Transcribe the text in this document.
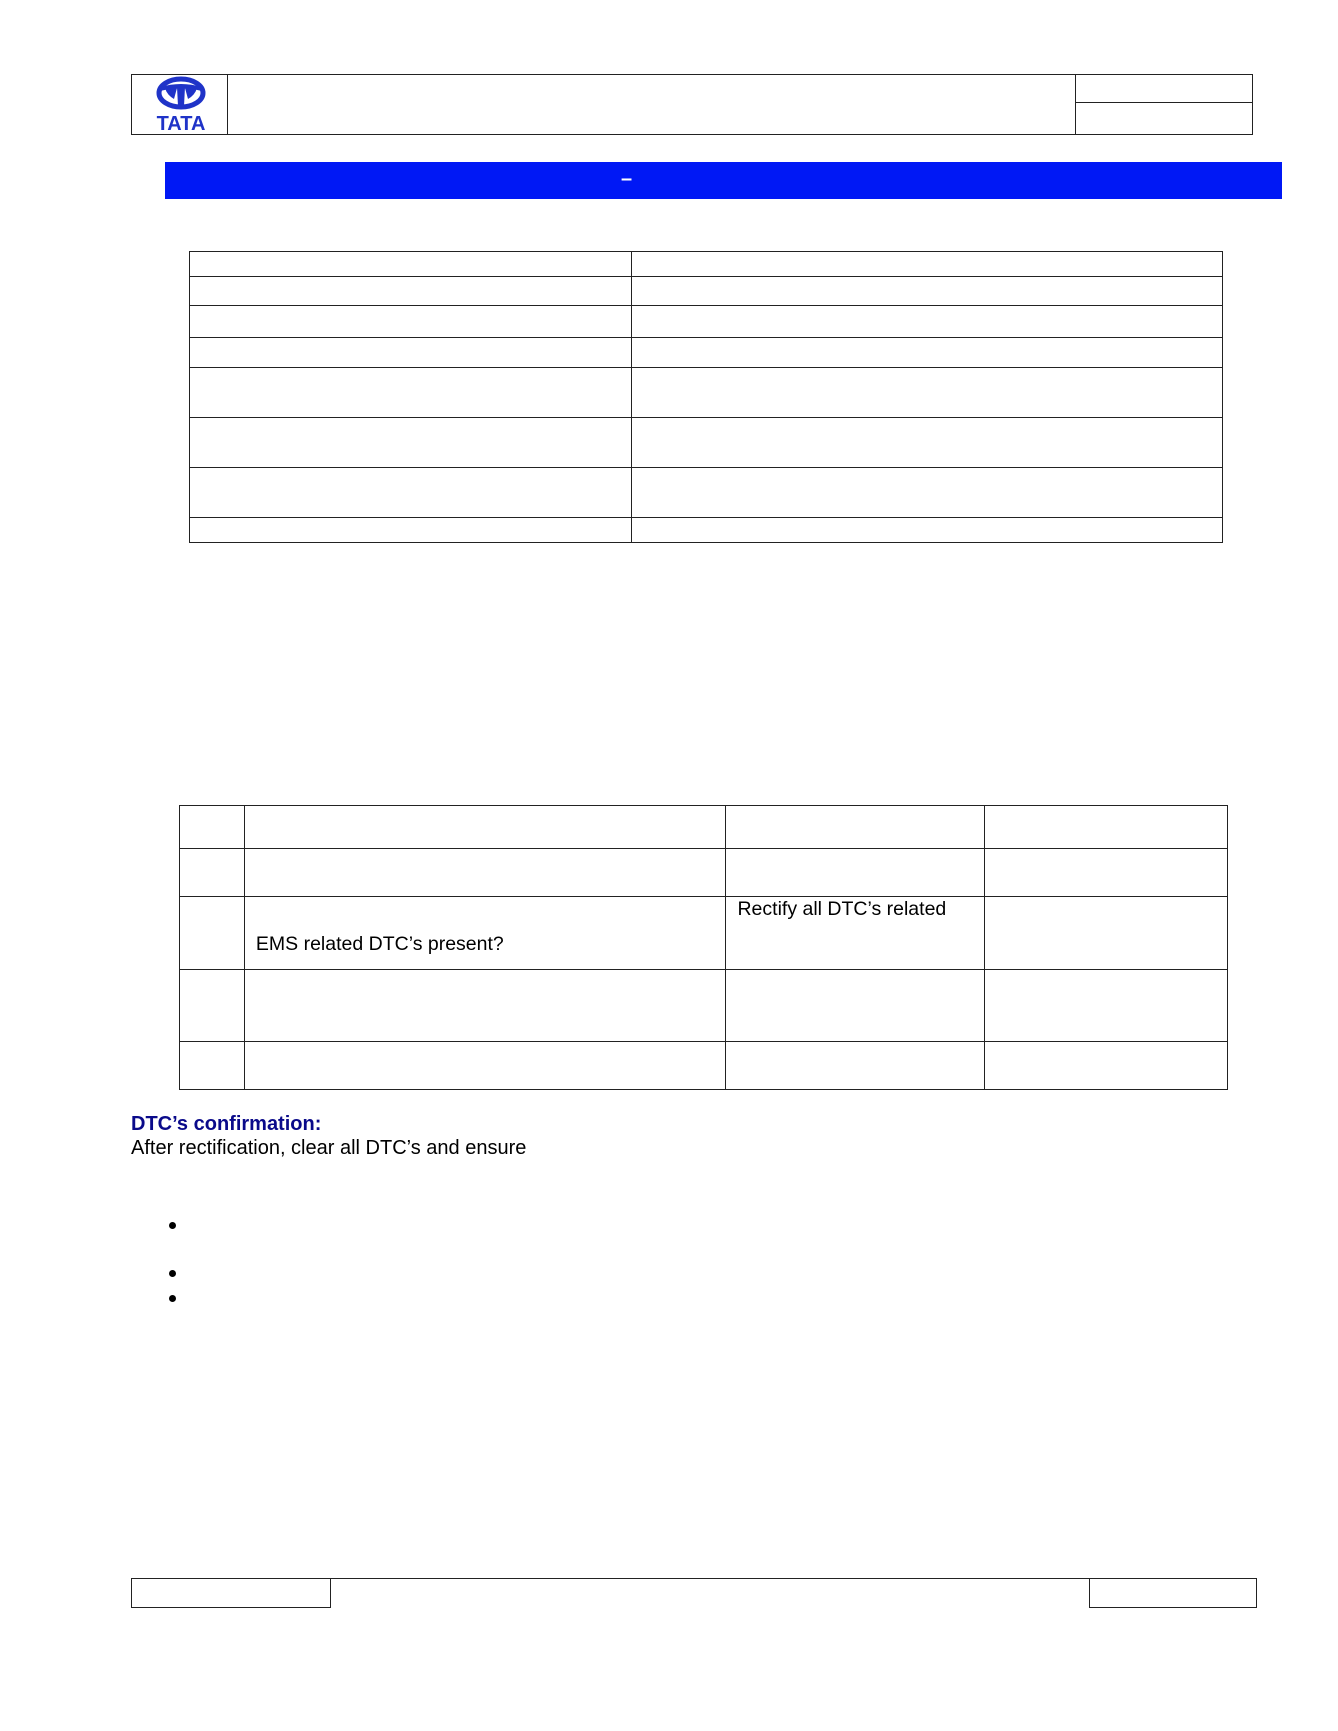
TATA
–

	EMS related DTC’s present?	Rectify all DTC’s related	

DTC’s confirmation:
After rectification, clear all DTC’s and ensure
